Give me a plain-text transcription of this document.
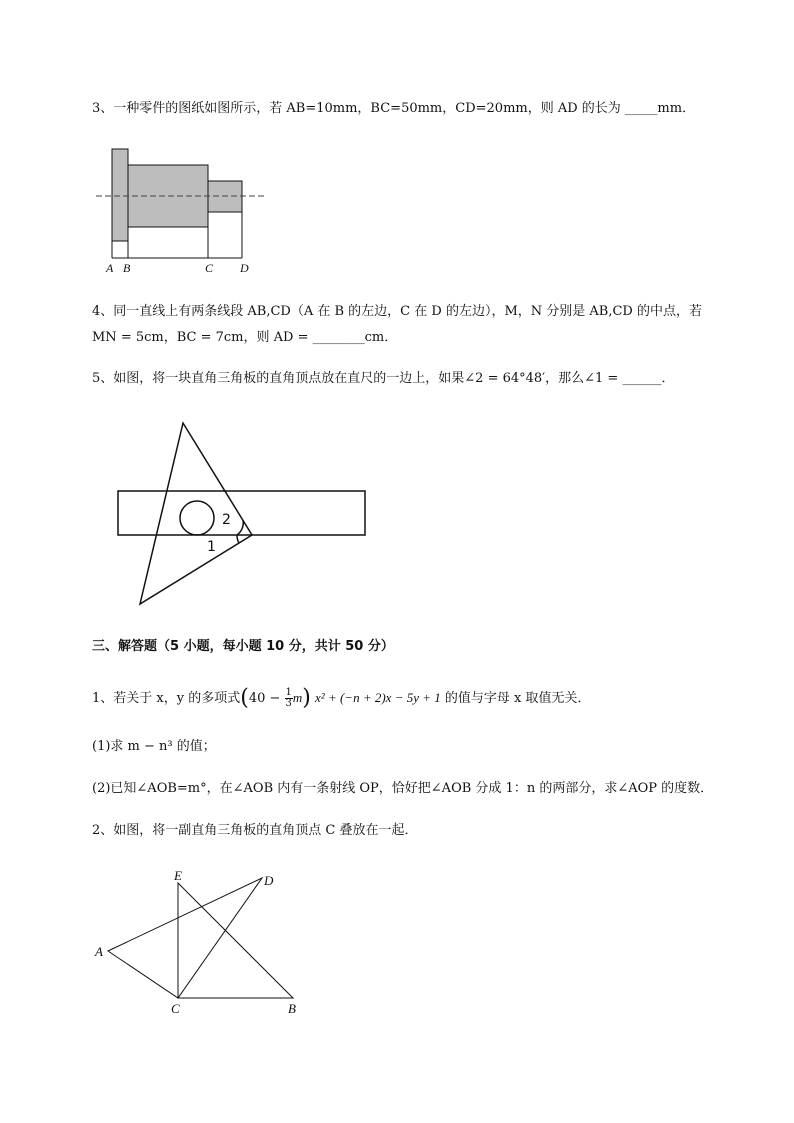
3、一种零件的图纸如图所示，若 AB=10mm，BC=50mm，CD=20mm，则 AD 的长为 _____mm．
A B	C D
4、同一直线上有两条线段 AB,CD（A 在 B 的左边，C 在 D 的左边），M，N 分别是 AB,CD 的中点，若
MN = 5cm，BC = 7cm，则 AD = ________cm．
5、如图，将一块直角三角板的直角顶点放在直尺的一边上，如果∠2 = 64°48′，那么∠1 = ______．
2
1
三、解答题（5 小题，每小题 10 分，共计 50 分）
1、若关于 x，y 的多项式$(40 - \frac{1}{3} m)$ x² + (−n + 2)x − 5y + 1 的值与字母 x 取值无关．
(1)求 m − n³ 的值；
(2)已知∠AOB=m°，在∠AOB 内有一条射线 OP，恰好把∠AOB 分成 1：n 的两部分，求∠AOP 的度数．
2、如图，将一副直角三角板的直角顶点 C 叠放在一起．
E	D
A
C	B
